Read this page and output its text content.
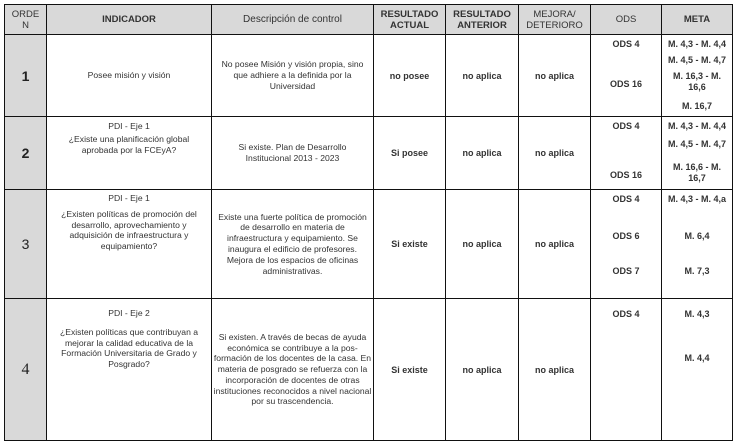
ORDE
N	INDICADOR	Descripción de control	RESULTADO
ACTUAL

RESULTADO
ANTERIOR

MEJORA/
DETERIORO	ODS	META
1	Posee misión y visión	No posee Misión y visión propia, sino que adhiere a la definida por la Universidad	no posee	no aplica	no aplica	
ODS 4
ODS 16

M. 4,3 - M. 4,4
M. 4,5 - M. 4,7
M. 16,3 - M. 16,6
M. 16,7

2	
PDI - Eje 1
¿Existe una planificación global aprobada por la FCEyA?	Si existe. Plan de Desarrollo Institucional 2013 - 2023	Si posee	no aplica	no aplica	
ODS 4
ODS 16

M. 4,3 - M. 4,4
M. 4,5 - M. 4,7
M. 16,6 - M. 16,7

3	
PDI - Eje 1
¿Existen políticas de promoción del desarrollo, aprovechamiento y adquisición de infraestructura y equipamiento?
	Existe una fuerte política de promoción de desarrollo en materia de infraestructura y equipamiento. Se inaugura el edificio de profesores. Mejora de los espacios de oficinas administrativas.	Si existe	no aplica	no aplica	
ODS 4
ODS 6
ODS 7

M. 4,3 - M. 4,a
M. 6,4
M. 7,3

4	
PDI - Eje 2
¿Existen políticas que contribuyan a mejorar la calidad educativa de la Formación Universitaria de Grado y Posgrado?
	Si existen. A través de becas de ayuda económica se contribuye a la pos-formación de los docentes de la casa. En materia de posgrado se refuerza con la incorporación de docentes de otras instituciones reconocidos a nivel nacional por su trascendencia.	Si existe	no aplica	no aplica	
ODS 4	M. 4,3
M. 4,4
